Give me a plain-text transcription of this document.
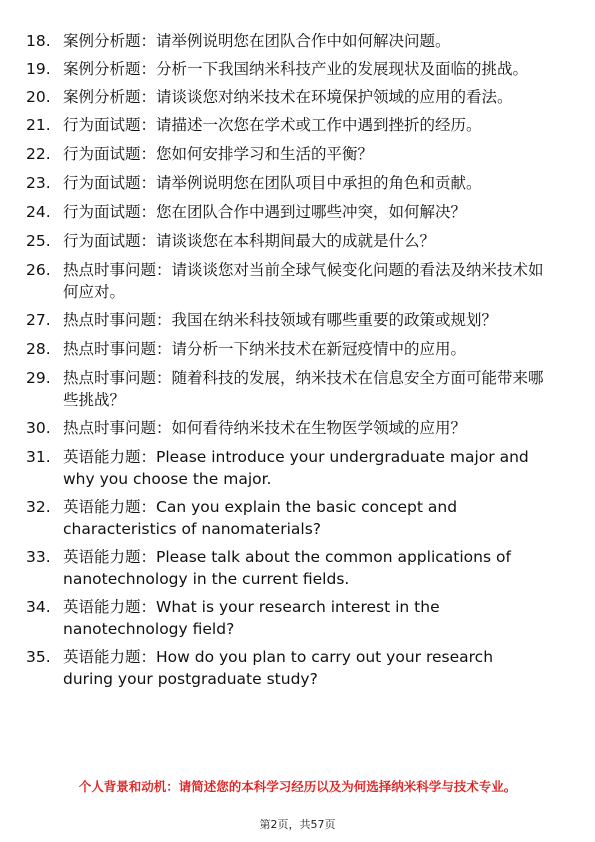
18. 案例分析题：请举例说明您在团队合作中如何解决问题。
19. 案例分析题：分析一下我国纳米科技产业的发展现状及面临的挑战。
20. 案例分析题：请谈谈您对纳米技术在环境保护领域的应用的看法。
21. 行为面试题：请描述一次您在学术或工作中遇到挫折的经历。
22. 行为面试题：您如何安排学习和生活的平衡？
23. 行为面试题：请举例说明您在团队项目中承担的角色和贡献。
24. 行为面试题：您在团队合作中遇到过哪些冲突，如何解决？
25. 行为面试题：请谈谈您在本科期间最大的成就是什么？
26. 热点时事问题：请谈谈您对当前全球气候变化问题的看法及纳米技术如何应对。
27. 热点时事问题：我国在纳米科技领域有哪些重要的政策或规划？
28. 热点时事问题：请分析一下纳米技术在新冠疫情中的应用。
29. 热点时事问题：随着科技的发展，纳米技术在信息安全方面可能带来哪些挑战？
30. 热点时事问题：如何看待纳米技术在生物医学领域的应用？
31. 英语能力题：Please introduce your undergraduate major and why you choose the major.
32. 英语能力题：Can you explain the basic concept and characteristics of nanomaterials?
33. 英语能力题：Please talk about the common applications of nanotechnology in the current fields.
34. 英语能力题：What is your research interest in the nanotechnology field?
35. 英语能力题：How do you plan to carry out your research during your postgraduate study?
个人背景和动机：请简述您的本科学习经历以及为何选择纳米科学与技术专业。
第2页，共57页
